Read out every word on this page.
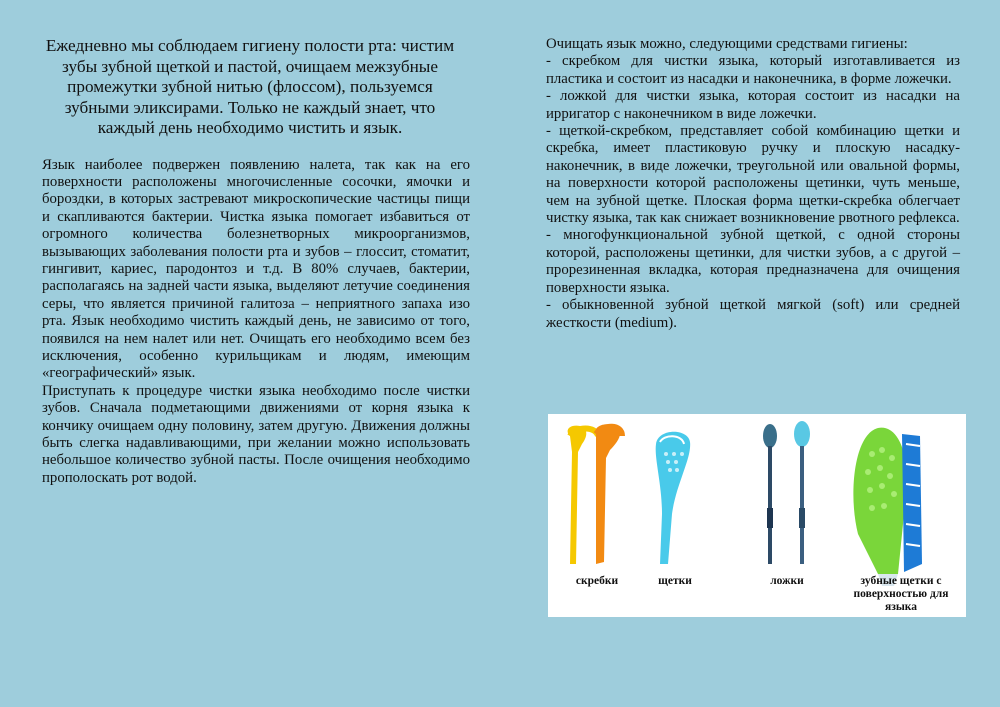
Ежедневно мы соблюдаем гигиену полости рта: чистим зубы зубной щеткой и пастой, очищаем межзубные промежутки зубной нитью (флоссом), пользуемся зубными эликсирами. Только не каждый знает, что каждый день необходимо чистить и язык.

Язык наиболее подвержен появлению налета, так как на его поверхности расположены многочисленные сосочки, ямочки и бороздки, в которых застревают микроскопические частицы пищи и скапливаются бактерии. Чистка языка помогает избавиться от огромного количества болезнетворных микроорганизмов, вызывающих заболевания полости рта и зубов – глоссит, стоматит, гингивит, кариес, пародонтоз и т.д. В 80% случаев, бактерии, располагаясь на задней части языка, выделяют летучие соединения серы, что является причиной галитоза – неприятного запаха изо рта. Язык необходимо чистить каждый день, не зависимо от того, появился на нем налет или нет. Очищать его необходимо всем без исключения, особенно курильщикам и людям, имеющим «географический» язык.

Приступать к процедуре чистки языка необходимо после чистки зубов. Сначала подметающими движениями от корня языка к кончику очищаем одну половину, затем другую. Движения должны быть слегка надавливающими, при желании можно использовать небольшое количество зубной пасты. После очищения необходимо прополоскать рот водой.

Очищать язык можно, следующими средствами гигиены:

- скребком для чистки языка, который изготавливается из пластика и состоит из насадки и наконечника, в форме ложечки.

- ложкой для чистки языка, которая состоит из насадки на ирригатор с наконечником в виде ложечки.

- щеткой-скребком, представляет собой комбинацию щетки и скребка, имеет пластиковую ручку и плоскую насадку-наконечник, в виде ложечки, треугольной или овальной формы, на поверхности которой расположены щетинки, чуть меньше, чем на зубной щетке. Плоская форма щетки-скребка облегчает чистку языка, так как снижает возникновение рвотного рефлекса.

- многофункциональной зубной щеткой, с одной стороны которой, расположены щетинки, для чистки зубов, а с другой – прорезиненная вкладка, которая предназначена для очищения поверхности языка.

- обыкновенной зубной щеткой мягкой (soft) или средней жесткости (medium).

скребки	щетки	ложки	зубные щетки с поверхностью для языка
